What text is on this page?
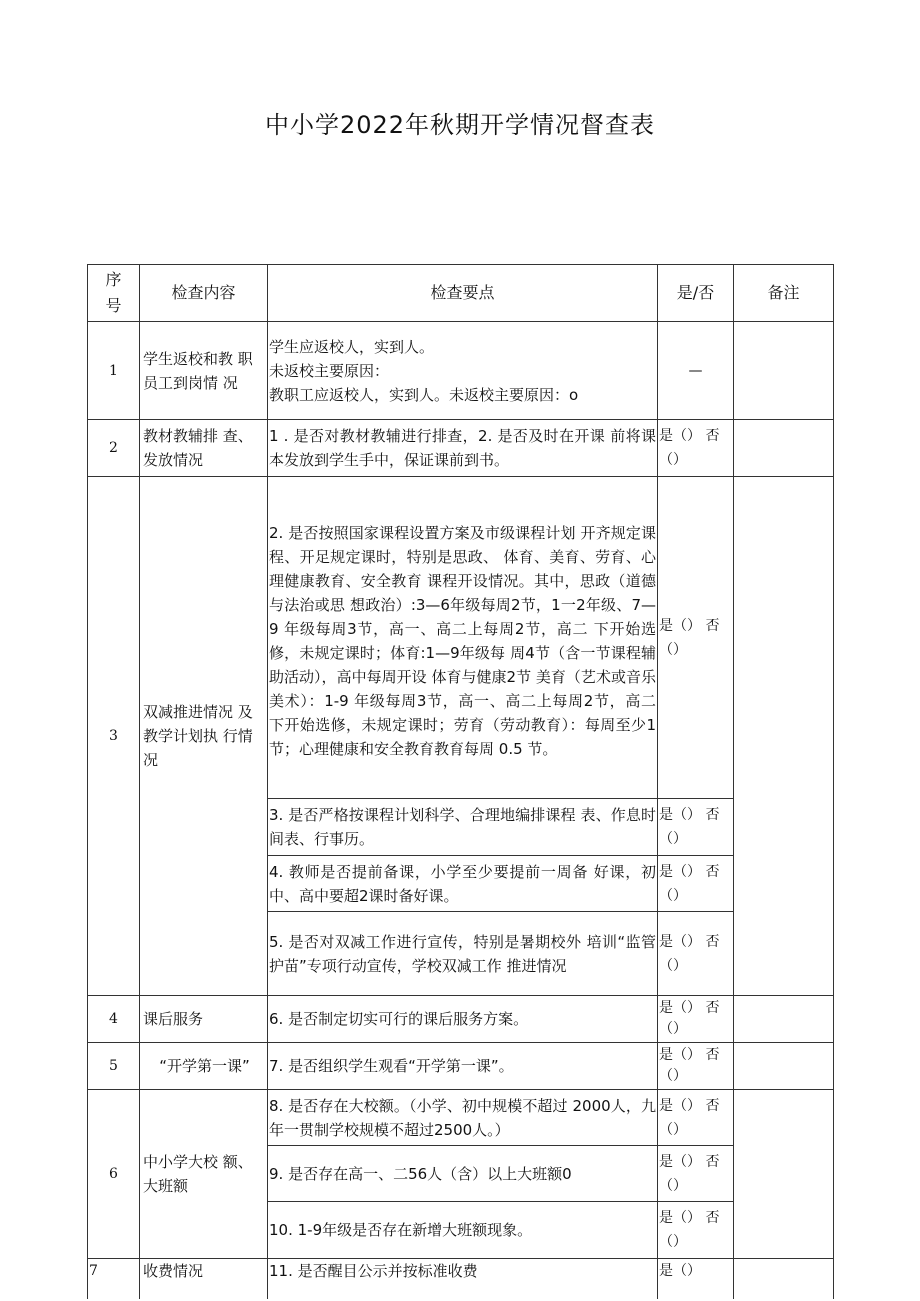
中小学2022年秋期开学情况督查表
序号	检查内容	检查要点	是/否	备注
1	学生返校和教 职员工到岗情 况	学生应返校人，实到人。
未返校主要原因：
教职工应返校人，实到人。未返校主要原因：o	—	
2	教材教辅排 查、发放情况	1 . 是否对教材教辅进行排查，2. 是否及时在开课 前将课本发放到学生手中，保证课前到书。	是（） 否（）	

3	双减推进情况 及教学计划执 行情况	2. 是否按照国家课程设置方案及市级课程计划 开齐规定课程、开足规定课时，特别是思政、 体育、美育、劳育、心理健康教育、安全教育 课程开设情况。其中，思政（道德与法治或思 想政治）:3—6年级每周2节，1一2年级、7—9 年级每周3节，高一、高二上每周2节，高二 下开始选修，未规定课时；体育:1—9年级每 周4节（含一节课程辅助活动），高中每周开设 体育与健康2节 美育（艺术或音乐美术）：1-9 年级每周3节，高一、高二上每周2节，高二 下开始选修，未规定课时；劳育（劳动教育）：每周至少1节；心理健康和安全教育教育每周 0.5 节。	是（） 否（）	

		3. 是否严格按课程计划科学、合理地编排课程 表、作息时间表、行事历。	是（） 否（）	

		4. 教师是否提前备课，小学至少要提前一周备 好课，初中、高中要超2课时备好课。	是（） 否（）	

		5. 是否对双减工作进行宣传，特别是暑期校外 培训“监管护苗”专项行动宣传，学校双减工作 推进情况	是（） 否（）	

4	课后服务	6. 是否制定切实可行的课后服务方案。	是（） 否（）	

5	“开学第一课”	7. 是否组织学生观看“开学第一课”。	是（） 否（）	

6	中小学大校 额、大班额	8. 是否存在大校额。（小学、初中规模不超过 2000人，九年一贯制学校规模不超过2500人。）	是（） 否（）	

		9. 是否存在高一、二56人（含）以上大班额0	是（） 否（）	

		10. 1-9年级是否存在新增大班额现象。	是（） 否（）	

7	收费情况	11. 是否醒目公示并按标准收费	是（）	
